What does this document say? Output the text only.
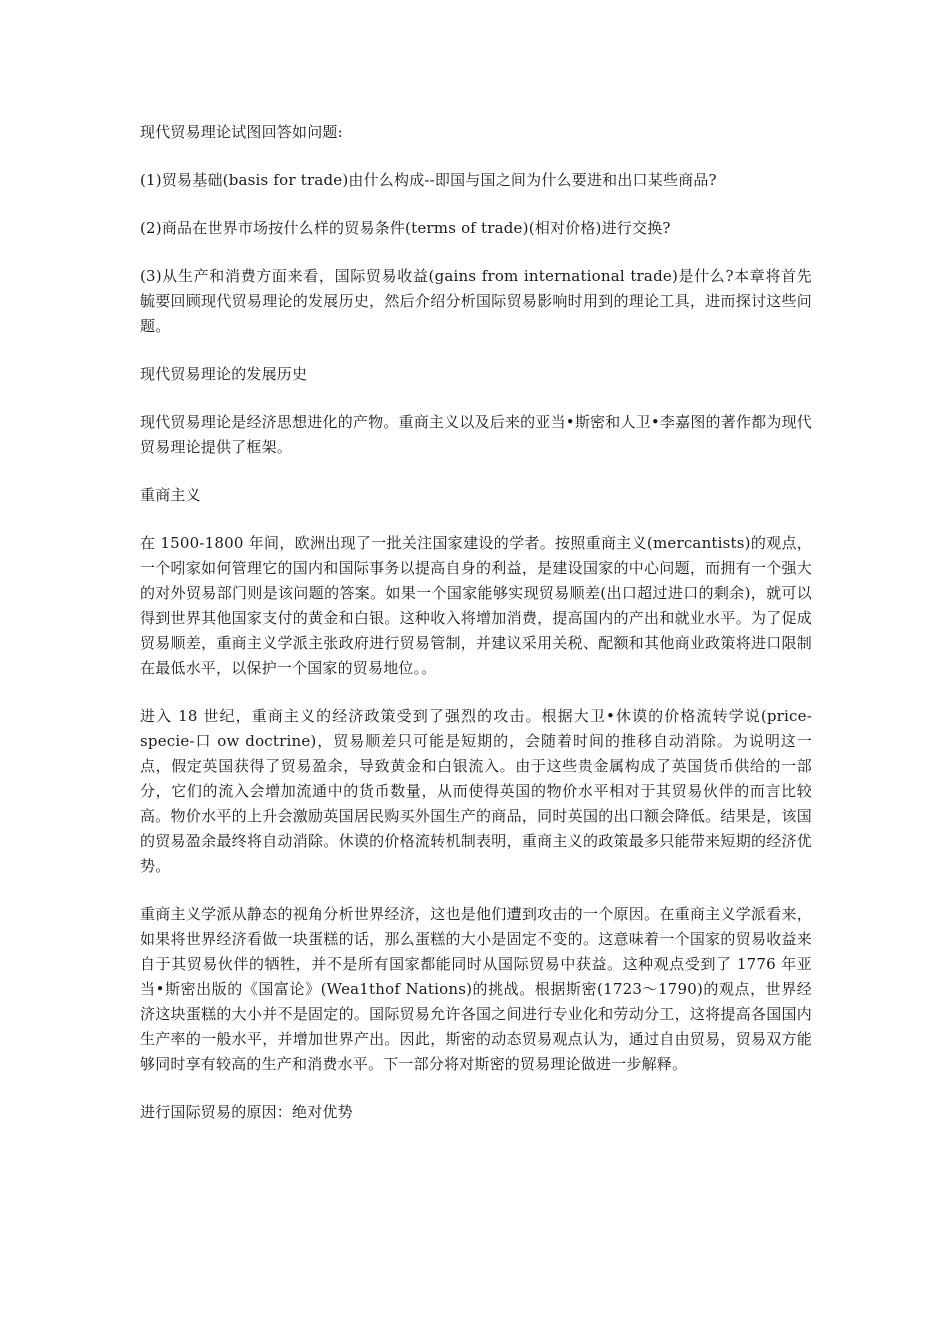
现代贸易理论试图回答如问题:

(1)贸易基础(basis for trade)由什么构成--即国与国之间为什么要进和出口某些商品?

(2)商品在世界市场按什么样的贸易条件(terms of trade)(相对价格)进行交换?

(3)从生产和消费方面来看，国际贸易收益(gains from international trade)是什么?本章将首先毓要回顾现代贸易理论的发展历史，然后介绍分析国际贸易影响时用到的理论工具，进而探讨这些问题。

现代贸易理论的发展历史

现代贸易理论是经济思想进化的产物。重商主义以及后来的亚当•斯密和人卫•李嘉图的著作都为现代贸易理论提供了框架。

重商主义

在 1500-1800 年间，欧洲出现了一批关注国家建设的学者。按照重商主义(mercantists)的观点，一个吲家如何管理它的国内和国际事务以提高自身的利益，是建设国家的中心问题，而拥有一个强大的对外贸易部门则是该问题的答案。如果一个国家能够实现贸易顺差(出口超过进口的剩余)，就可以得到世界其他国家支付的黄金和白银。这种收入将增加消费，提高国内的产出和就业水平。为了促成贸易顺差，重商主义学派主张政府进行贸易管制，并建议采用关税、配额和其他商业政策将进口限制在最低水平，以保护一个国家的贸易地位。。

进入 18 世纪，重商主义的经济政策受到了强烈的攻击。根据大卫•休谟的价格流转学说(price-specie-口 ow doctrine)，贸易顺差只可能是短期的，会随着时间的推移自动消除。为说明这一点，假定英国获得了贸易盈余，导致黄金和白银流入。由于这些贵金属构成了英国货币供给的一部分，它们的流入会增加流通中的货币数量，从而使得英国的物价水平相对于其贸易伙伴的而言比较高。物价水平的上升会激励英国居民购买外国生产的商品，同时英国的出口额会降低。结果是，该国的贸易盈余最终将自动消除。休谟的价格流转机制表明，重商主义的政策最多只能带来短期的经济优势。

重商主义学派从静态的视角分析世界经济，这也是他们遭到攻击的一个原因。在重商主义学派看来，如果将世界经济看做一块蛋糕的话，那么蛋糕的大小是固定不变的。这意味着一个国家的贸易收益来自于其贸易伙伴的牺牲，并不是所有国家都能同时从国际贸易中获益。这种观点受到了 1776 年亚当•斯密出版的《国富论》(Wea1thof Nations)的挑战。根据斯密(1723～1790)的观点，世界经济这块蛋糕的大小并不是固定的。国际贸易允许各国之间进行专业化和劳动分工，这将提高各国国内生产率的一般水平，并增加世界产出。因此，斯密的动态贸易观点认为，通过自由贸易，贸易双方能够同时享有较高的生产和消费水平。下一部分将对斯密的贸易理论做进一步解释。

进行国际贸易的原因：绝对优势
